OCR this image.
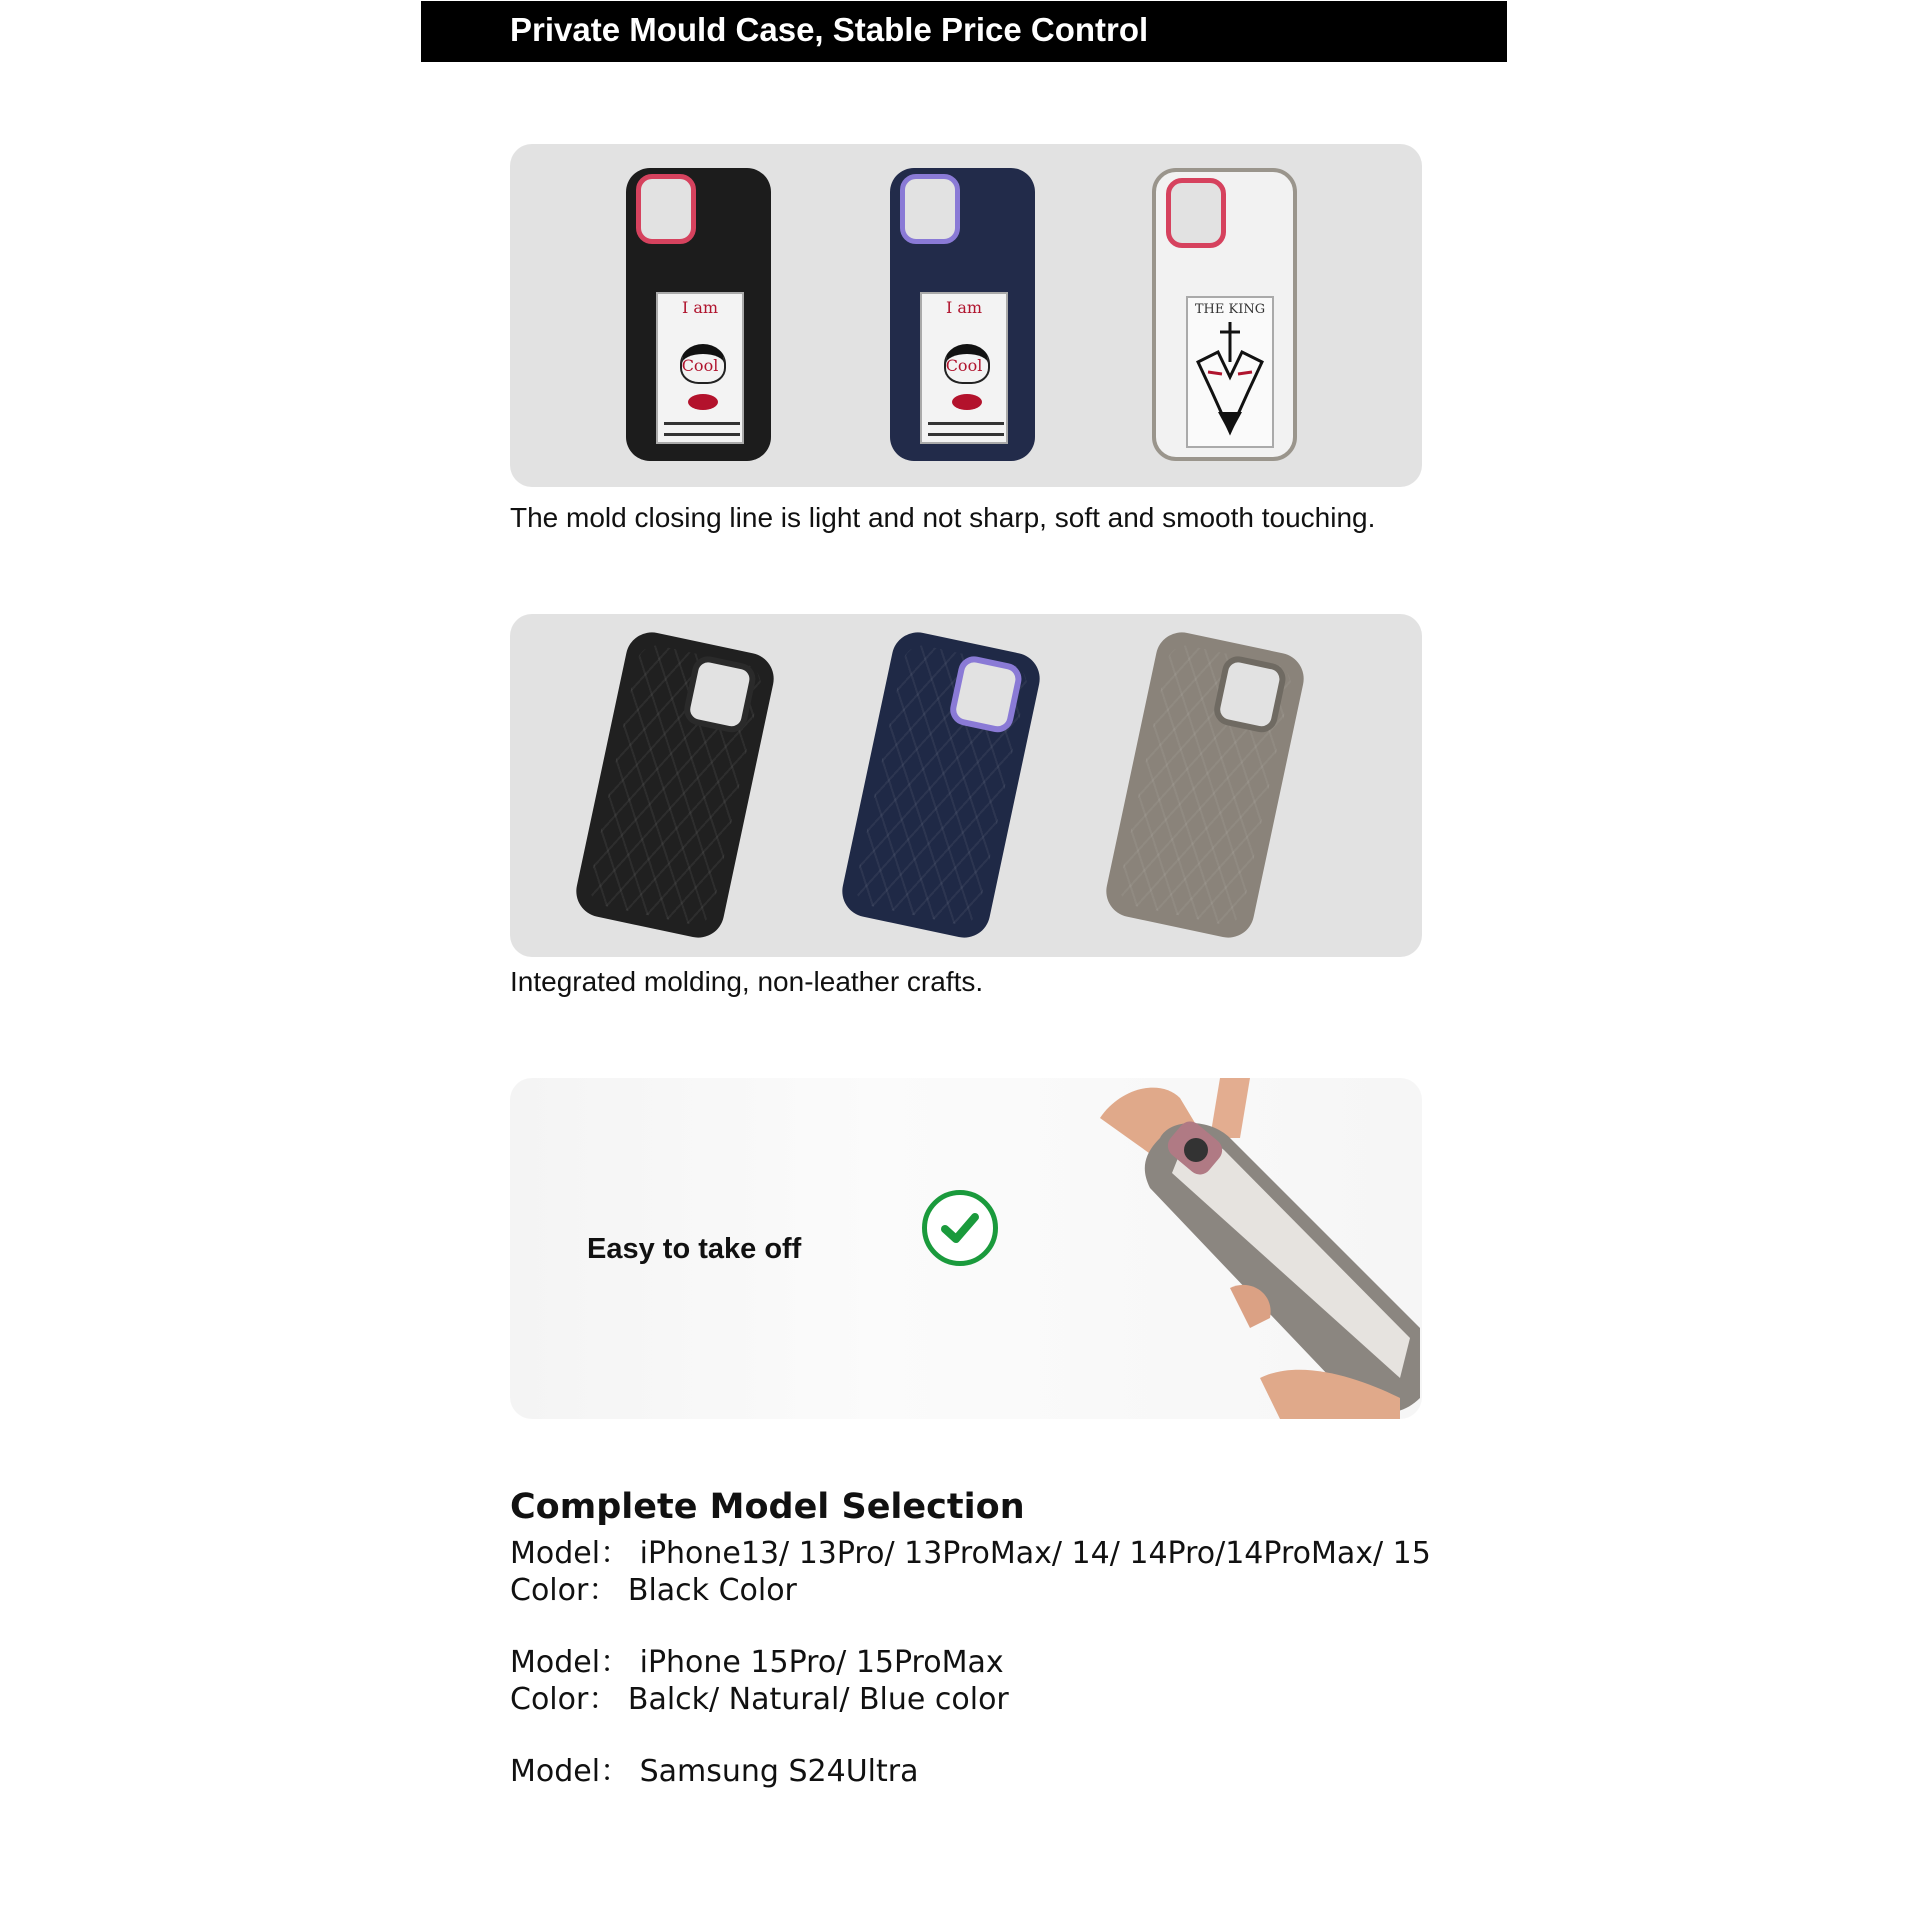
Private Mould Case, Stable Price Control
I am
Cool
I am
Cool
THE KING
The mold closing line is light and not sharp, soft and smooth touching.
Integrated molding, non-leather crafts.
Easy to take off
Complete Model Selection
Model： iPhone13/ 13Pro/ 13ProMax/ 14/ 14Pro/14ProMax/ 15
Color： Black Color
Model： iPhone 15Pro/ 15ProMax
Color： Balck/ Natural/ Blue color
Model： Samsung S24Ultra
